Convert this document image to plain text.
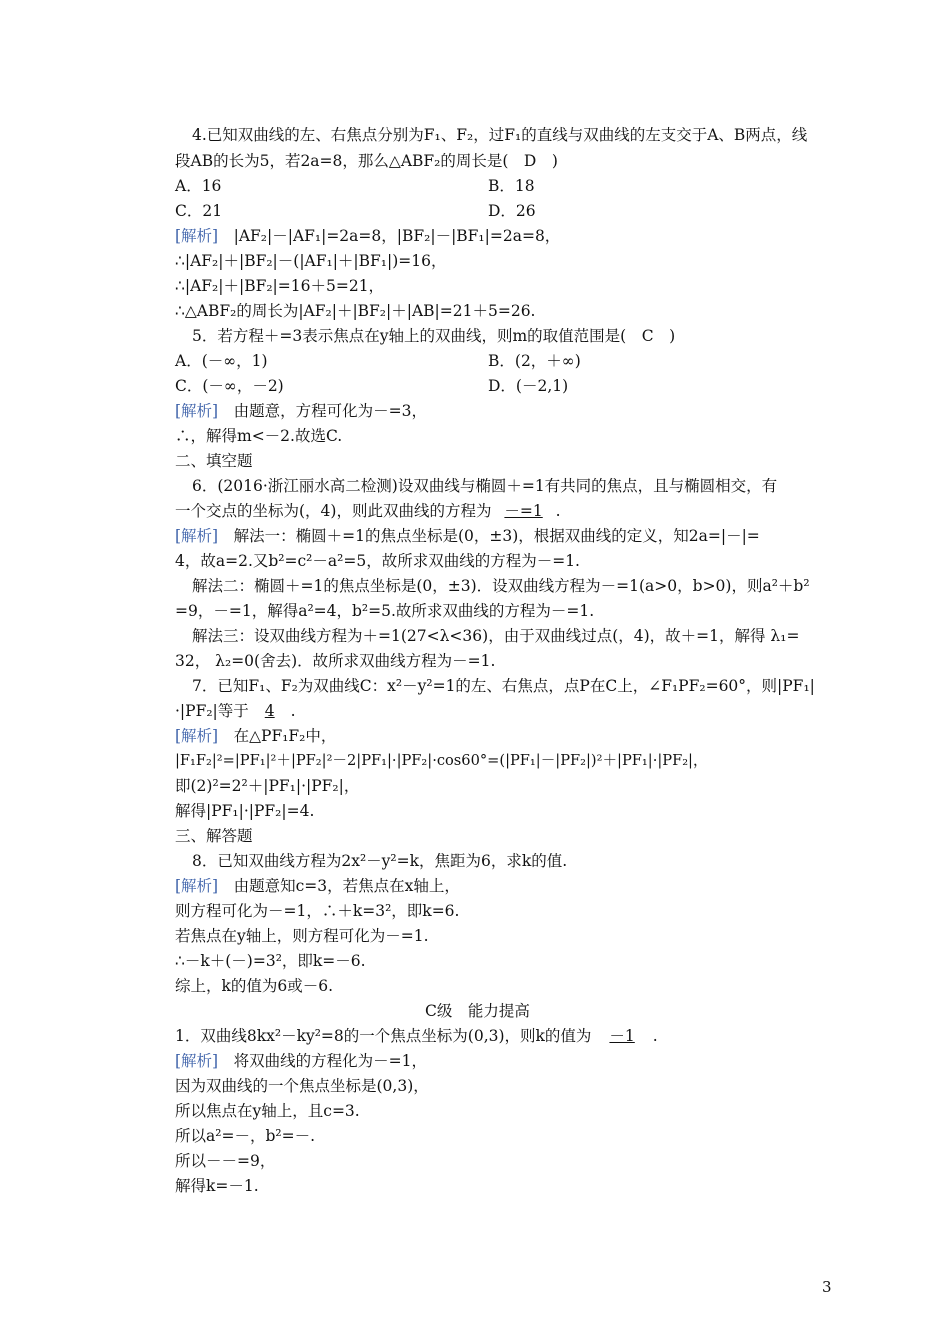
4.已知双曲线的左、右焦点分别为F₁、F₂，过F₁的直线与双曲线的左支交于A、B两点，线
段AB的长为5，若2a=8，那么△ABF₂的周长是(　D　)
A．16	B．18
C．21	D．26
[解析]　|AF₂|－|AF₁|=2a=8，|BF₂|－|BF₁|=2a=8，
∴|AF₂|＋|BF₂|－(|AF₁|＋|BF₁|)=16，
∴|AF₂|＋|BF₂|=16＋5=21，
∴△ABF₂的周长为|AF₂|＋|BF₂|＋|AB|=21＋5=26.
5．若方程＋=3表示焦点在y轴上的双曲线，则m的取值范围是(　C　)
A．(－∞，1)	B．(2，＋∞)
C．(－∞，－2)	D．(－2,1)
[解析]　由题意，方程可化为－=3，
∴，解得m<－2.故选C.
二、填空题
6．(2016·浙江丽水高二检测)设双曲线与椭圆＋=1有共同的焦点，且与椭圆相交，有
一个交点的坐标为(，4)，则此双曲线的方程为 －=1 .
[解析]　解法一：椭圆＋=1的焦点坐标是(0，±3)，根据双曲线的定义，知2a=|－|=
4，故a=2.又b²=c²－a²=5，故所求双曲线的方程为－=1.
解法二：椭圆＋=1的焦点坐标是(0，±3)．设双曲线方程为－=1(a>0，b>0)，则a²＋b²
=9，－=1，解得a²=4，b²=5.故所求双曲线的方程为－=1.
解法三：设双曲线方程为＋=1(27<λ<36)，由于双曲线过点(，4)，故＋=1，解得 λ₁=
32， λ₂=0(舍去)．故所求双曲线方程为－=1.
7．已知F₁、F₂为双曲线C：x²－y²=1的左、右焦点，点P在C上，∠F₁PF₂=60°，则|PF₁|
·|PF₂|等于 4 .
[解析]　在△PF₁F₂中，
|F₁F₂|²=|PF₁|²＋|PF₂|²－2|PF₁|·|PF₂|·cos60°=(|PF₁|－|PF₂|)²＋|PF₁|·|PF₂|，
即(2)²=2²＋|PF₁|·|PF₂|，
解得|PF₁|·|PF₂|=4.
三、解答题
8．已知双曲线方程为2x²－y²=k，焦距为6，求k的值.
[解析]　由题意知c=3，若焦点在x轴上，
则方程可化为－=1，∴＋k=3²，即k=6.
若焦点在y轴上，则方程可化为－=1.
∴－k＋(－)=3²，即k=－6.
综上，k的值为6或－6.
C级　能力提高
1．双曲线8kx²－ky²=8的一个焦点坐标为(0,3)，则k的值为 －1 .
[解析]　将双曲线的方程化为－=1，
因为双曲线的一个焦点坐标是(0,3)，
所以焦点在y轴上，且c=3.
所以a²=－，b²=－.
所以－－=9，
解得k=－1.
3
